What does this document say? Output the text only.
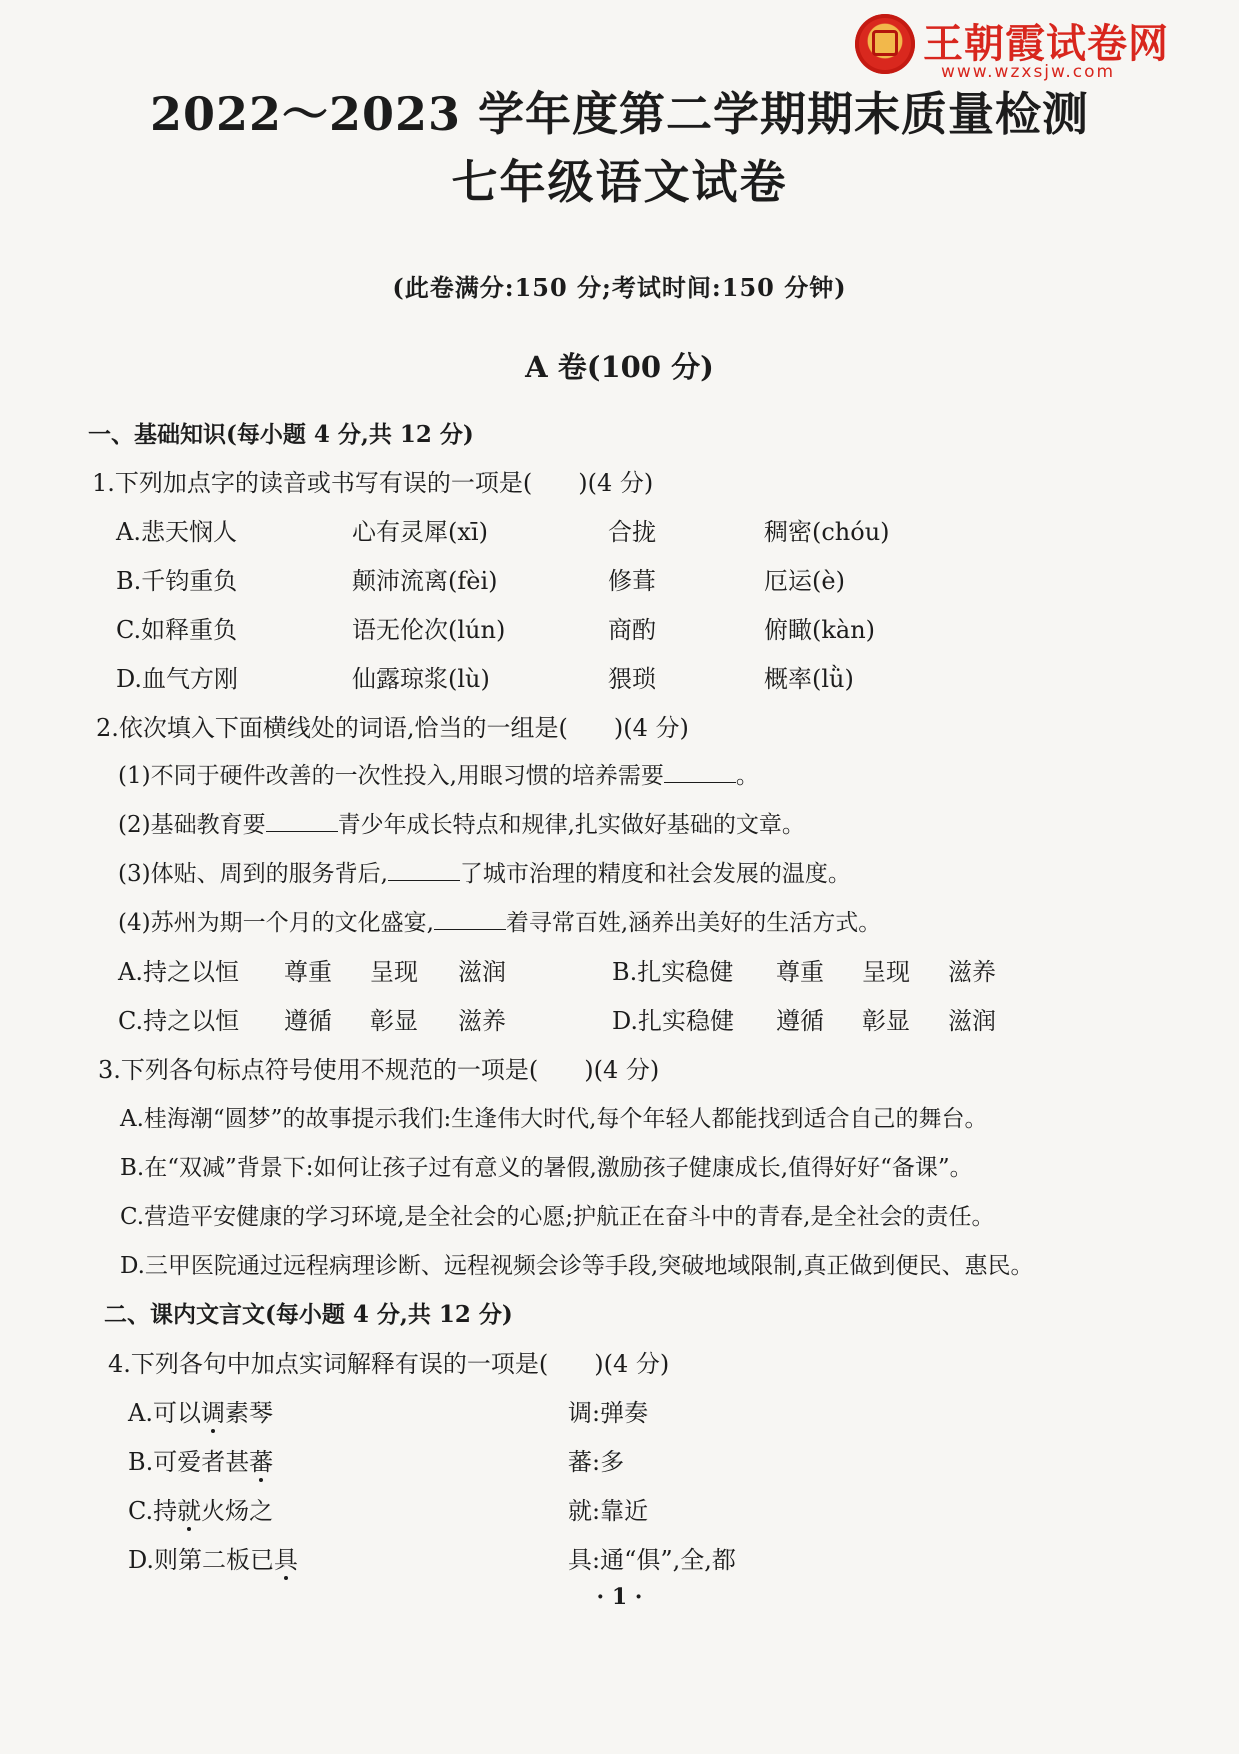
王朝霞试卷网
www.wzxsjw.com
2022～2023 学年度第二学期期末质量检测
七年级语文试卷
(此卷满分:150 分;考试时间:150 分钟)
A 卷(100 分)
一、基础知识(每小题 4 分,共 12 分)
1.下列加点字的读音或书写有误的一项是( )(4 分)
A.悲天悯人	心有灵犀(xī)	合拢	稠密(chóu)
B.千钧重负	颠沛流离(fèi)	修葺	厄运(è)
C.如释重负	语无伦次(lún)	商酌	俯瞰(kàn)
D.血气方刚	仙露琼浆(lù)	猥琐	概率(lǜ)
2.依次填入下面横线处的词语,恰当的一组是( )(4 分)
(1)不同于硬件改善的一次性投入,用眼习惯的培养需要	。
(2)基础教育要	青少年成长特点和规律,扎实做好基础的文章。
(3)体贴、周到的服务背后,	了城市治理的精度和社会发展的温度。
(4)苏州为期一个月的文化盛宴,	着寻常百姓,涵养出美好的生活方式。
A.持之以恒 尊重 呈现 滋润	B.扎实稳健 尊重 呈现 滋养
C.持之以恒 遵循 彰显 滋养	D.扎实稳健 遵循 彰显 滋润
3.下列各句标点符号使用不规范的一项是( )(4 分)
A.桂海潮“圆梦”的故事提示我们:生逢伟大时代,每个年轻人都能找到适合自己的舞台。
B.在“双减”背景下:如何让孩子过有意义的暑假,激励孩子健康成长,值得好好“备课”。
C.营造平安健康的学习环境,是全社会的心愿;护航正在奋斗中的青春,是全社会的责任。
D.三甲医院通过远程病理诊断、远程视频会诊等手段,突破地域限制,真正做到便民、惠民。
二、课内文言文(每小题 4 分,共 12 分)
4.下列各句中加点实词解释有误的一项是( )(4 分)
A.可以调素琴	调:弹奏
B.可爱者甚蕃	蕃:多
C.持就火炀之	就:靠近
D.则第二板已具	具:通“俱”,全,都
· 1 ·
